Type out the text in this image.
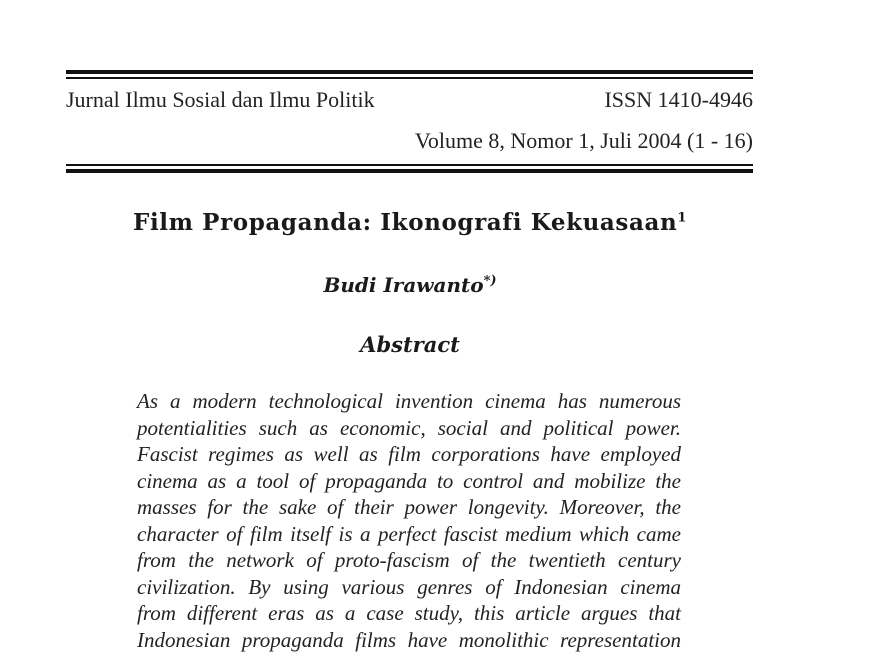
Jurnal Ilmu Sosial dan Ilmu Politik	ISSN 1410-4946
Volume 8, Nomor 1, Juli 2004 (1 - 16)
Film Propaganda: Ikonografi Kekuasaan$^1$
Budi Irawanto*)
Abstract
As a modern technological invention cinema has numerous
potentialities such as economic, social and political power.
Fascist regimes as well as film corporations have employed
cinema as a tool of propaganda to control and mobilize the
masses for the sake of their power longevity. Moreover, the
character of film itself is a perfect fascist medium which came
from the network of proto-fascism of the twentieth century
civilization. By using various genres of Indonesian cinema
from different eras as a case study, this article argues that
Indonesian propaganda films have monolithic representation
